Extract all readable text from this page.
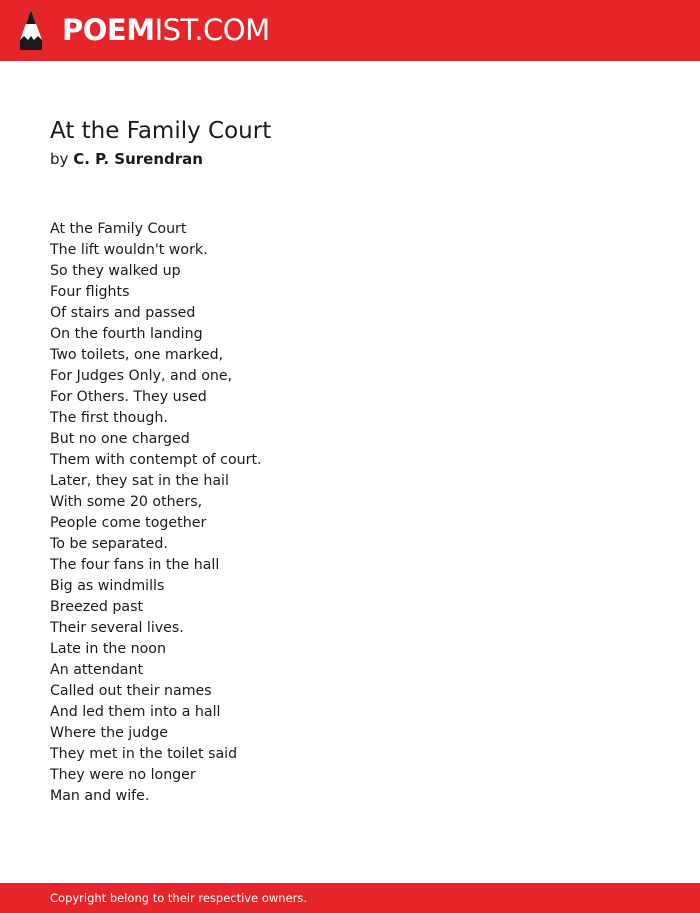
POEMIST.COM
At the Family Court
by C. P. Surendran
At the Family Court
The lift wouldn't work.
So they walked up
Four flights
Of stairs and passed
On the fourth landing
Two toilets, one marked,
For Judges Only, and one,
For Others. They used
The first though.
But no one charged
Them with contempt of court.
Later, they sat in the hail
With some 20 others,
People come together
To be separated.
The four fans in the hall
Big as windmills
Breezed past
Their several lives.
Late in the noon
An attendant
Called out their names
And led them into a hall
Where the judge
They met in the toilet said
They were no longer
Man and wife.
Copyright belong to their respective owners.
